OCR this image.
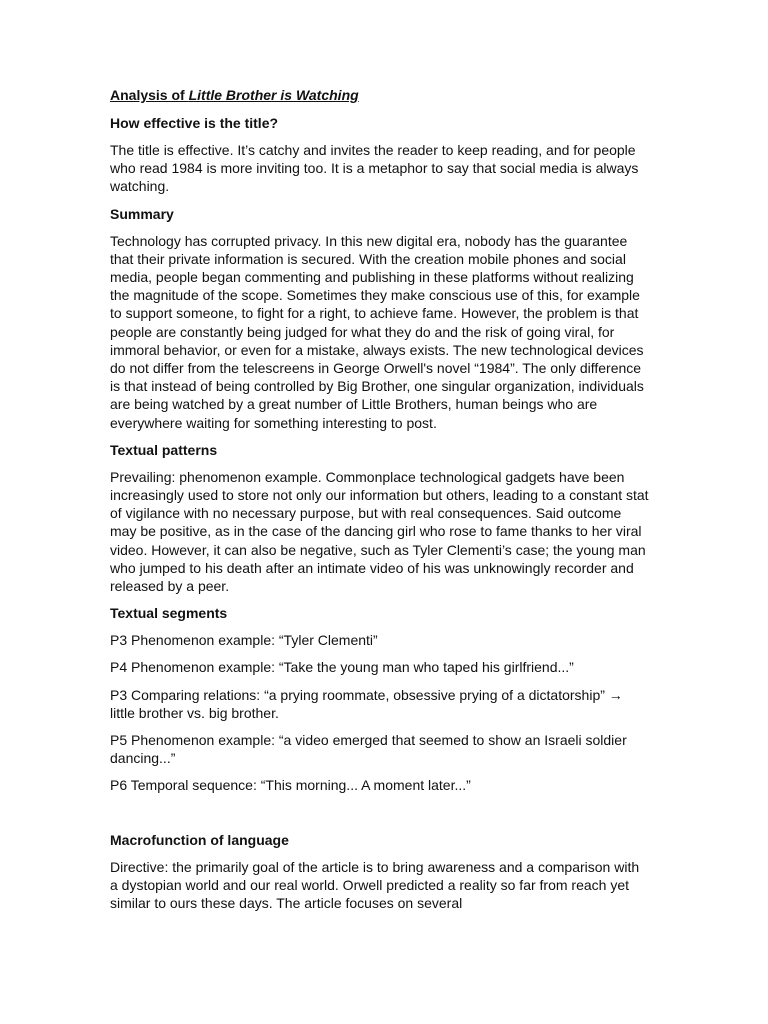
Analysis of Little Brother is Watching
How effective is the title?

The title is effective. It’s catchy and invites the reader to keep reading, and for people who read 1984 is more inviting too. It is a metaphor to say that social media is always watching.

Summary

Technology has corrupted privacy. In this new digital era, nobody has the guarantee that their private information is secured. With the creation mobile phones and social media, people began commenting and publishing in these platforms without realizing the magnitude of the scope. Sometimes they make conscious use of this, for example to support someone, to fight for a right, to achieve fame. However, the problem is that people are constantly being judged for what they do and the risk of going viral, for immoral behavior, or even for a mistake, always exists. The new technological devices do not differ from the telescreens in George Orwell's novel “1984”. The only difference is that instead of being controlled by Big Brother, one singular organization, individuals are being watched by a great number of Little Brothers, human beings who are everywhere waiting for something interesting to post.

Textual patterns

Prevailing: phenomenon example. Commonplace technological gadgets have been increasingly used to store not only our information but others, leading to a constant stat of vigilance with no necessary purpose, but with real consequences. Said outcome may be positive, as in the case of the dancing girl who rose to fame thanks to her viral video. However, it can also be negative, such as Tyler Clementi’s case; the young man who jumped to his death after an intimate video of his was unknowingly recorder and released by a peer.

Textual segments

P3 Phenomenon example: “Tyler Clementi”

P4 Phenomenon example: “Take the young man who taped his girlfriend...”

P3 Comparing relations: “a prying roommate, obsessive prying of a dictatorship” → little brother vs. big brother.

P5 Phenomenon example: “a video emerged that seemed to show an Israeli soldier dancing...”

P6 Temporal sequence: “This morning... A moment later...”

Macrofunction of language

Directive: the primarily goal of the article is to bring awareness and a comparison with a dystopian world and our real world. Orwell predicted a reality so far from reach yet similar to ours these days. The article focuses on several
